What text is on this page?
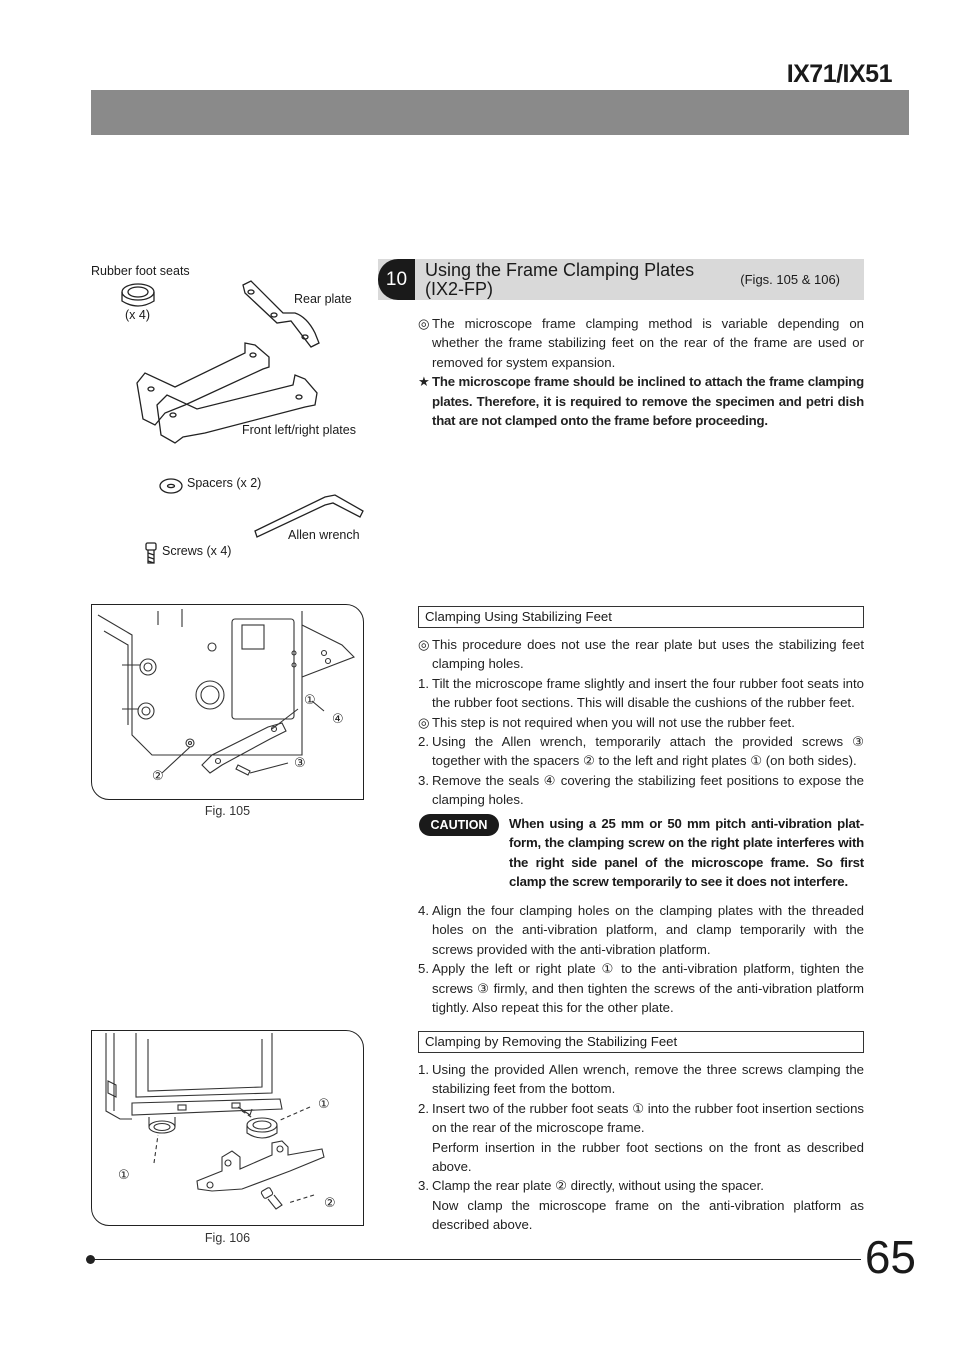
IX71/IX51
Rubber foot seats
(x 4)
Rear plate
Front left/right plates
Spacers (x 2)
Allen wrench
Screws (x 4)
10 Using the Frame Clamping Plates (IX2-FP)	(Figs. 105 & 106)

◎ The microscope frame clamping method is variable depending on whether the frame stabilizing feet on the rear of the frame are used or removed for system expansion.

★ The microscope frame should be inclined to attach the frame clamping plates. Therefore, it is required to remove the specimen and petri dish that are not clamped onto the frame before proceeding.

Clamping Using Stabilizing Feet

◎ This procedure does not use the rear plate but uses the stabilizing feet clamping holes.

1. Tilt the microscope frame slightly and insert the four rubber foot seats into the rubber foot sections. This will disable the cushions of the rubber feet.

◎ This step is not required when you will not use the rubber feet.

2. Using the Allen wrench, temporarily attach the provided screws ③ together with the spacers ② to the left and right plates ① (on both sides).

3. Remove the seals ④ covering the stabilizing feet positions to expose the clamping holes.

CAUTION	When using a 25 mm or 50 mm pitch anti-vibration plat-form, the clamping screw on the right plate interferes with the right side panel of the microscope frame. So first clamp the screw temporarily to see it does not interfere.

4. Align the four clamping holes on the clamping plates with the threaded holes on the anti-vibration platform, and clamp temporarily with the screws provided with the anti-vibration platform.

5. Apply the left or right plate ① to the anti-vibration platform, tighten the screws ③ firmly, and then tighten the screws of the anti-vibration platform tightly. Also repeat this for the other plate.

Clamping by Removing the Stabilizing Feet

1. Using the provided Allen wrench, remove the three screws clamping the stabilizing feet from the bottom.

2. Insert two of the rubber foot seats ① into the rubber foot insertion sections on the rear of the microscope frame.

Perform insertion in the rubber foot sections on the front as described above.

3. Clamp the rear plate ② directly, without using the spacer.

Now clamp the microscope frame on the anti-vibration platform as described above.

①
②
③
④
Fig. 105
①
①
②
Fig. 106	65
